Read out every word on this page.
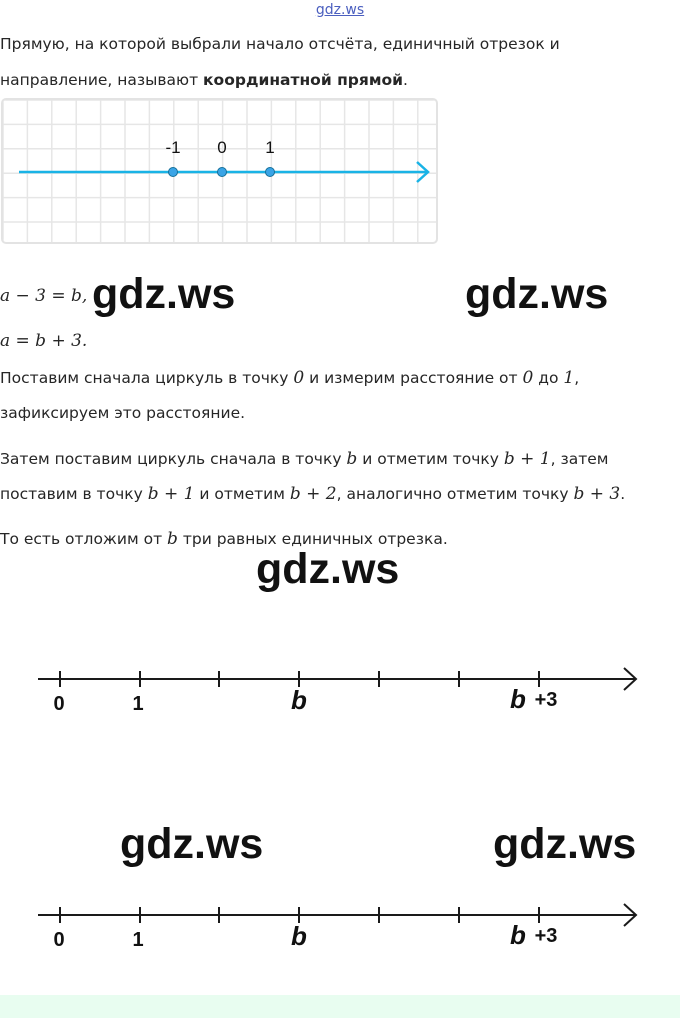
gdz.ws
Прямую, на которой выбрали начало отсчёта, единичный отрезок и
направление, называют координатной прямой.
-1 0 1
a − 3 = b,
a = b + 3.
Поставим сначала циркуль в точку 0 и измерим расстояние от 0 до 1,
зафиксируем это расстояние.
Затем поставим циркуль сначала в точку b и отметим точку b + 1, затем
поставим в точку b + 1 и отметим b + 2, аналогично отметим точку b + 3.
То есть отложим от b три равных единичных отрезка.
0	1	b	b +3
0	1	b	b +3
gdz.ws	gdz.ws
gdz.ws
gdz.ws	gdz.ws
